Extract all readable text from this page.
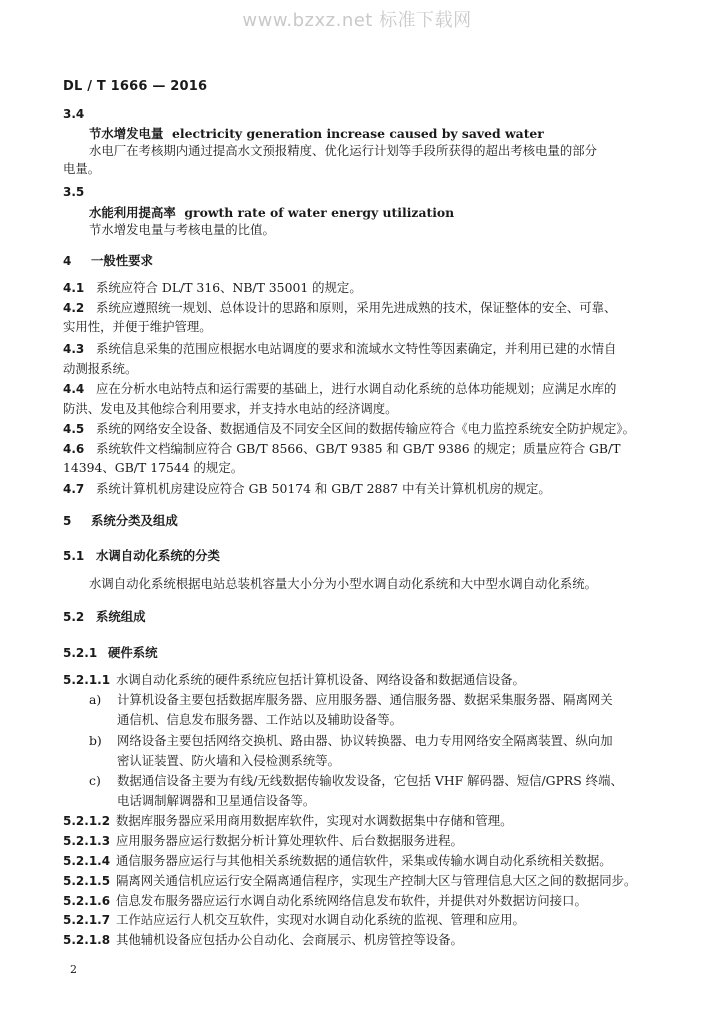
www.bzxz.net 标准下载网
DL / T 1666 — 2016
3.4
节水增发电量 electricity generation increase caused by saved water
水电厂在考核期内通过提高水文预报精度、优化运行计划等手段所获得的超出考核电量的部分
电量。
3.5
水能利用提高率 growth rate of water energy utilization
节水增发电量与考核电量的比值。
4 一般性要求
4.1 系统应符合 DL/T 316、NB/T 35001 的规定。
4.2 系统应遵照统一规划、总体设计的思路和原则，采用先进成熟的技术，保证整体的安全、可靠、
实用性，并便于维护管理。
4.3 系统信息采集的范围应根据水电站调度的要求和流域水文特性等因素确定，并利用已建的水情自
动测报系统。
4.4 应在分析水电站特点和运行需要的基础上，进行水调自动化系统的总体功能规划；应满足水库的
防洪、发电及其他综合利用要求，并支持水电站的经济调度。
4.5 系统的网络安全设备、数据通信及不同安全区间的数据传输应符合《电力监控系统安全防护规定》。
4.6 系统软件文档编制应符合 GB/T 8566、GB/T 9385 和 GB/T 9386 的规定；质量应符合 GB/T
14394、GB/T 17544 的规定。
4.7 系统计算机机房建设应符合 GB 50174 和 GB/T 2887 中有关计算机机房的规定。
5 系统分类及组成
5.1 水调自动化系统的分类
水调自动化系统根据电站总装机容量大小分为小型水调自动化系统和大中型水调自动化系统。
5.2 系统组成
5.2.1 硬件系统
5.2.1.1 水调自动化系统的硬件系统应包括计算机设备、网络设备和数据通信设备。
a) 计算机设备主要包括数据库服务器、应用服务器、通信服务器、数据采集服务器、隔离网关
通信机、信息发布服务器、工作站以及辅助设备等。
b) 网络设备主要包括网络交换机、路由器、协议转换器、电力专用网络安全隔离装置、纵向加
密认证装置、防火墙和入侵检测系统等。
c) 数据通信设备主要为有线/无线数据传输收发设备，它包括 VHF 解码器、短信/GPRS 终端、
电话调制解调器和卫星通信设备等。
5.2.1.2 数据库服务器应采用商用数据库软件，实现对水调数据集中存储和管理。
5.2.1.3 应用服务器应运行数据分析计算处理软件、后台数据服务进程。
5.2.1.4 通信服务器应运行与其他相关系统数据的通信软件，采集或传输水调自动化系统相关数据。
5.2.1.5 隔离网关通信机应运行安全隔离通信程序，实现生产控制大区与管理信息大区之间的数据同步。
5.2.1.6 信息发布服务器应运行水调自动化系统网络信息发布软件，并提供对外数据访问接口。
5.2.1.7 工作站应运行人机交互软件，实现对水调自动化系统的监视、管理和应用。
5.2.1.8 其他辅机设备应包括办公自动化、会商展示、机房管控等设备。
2
